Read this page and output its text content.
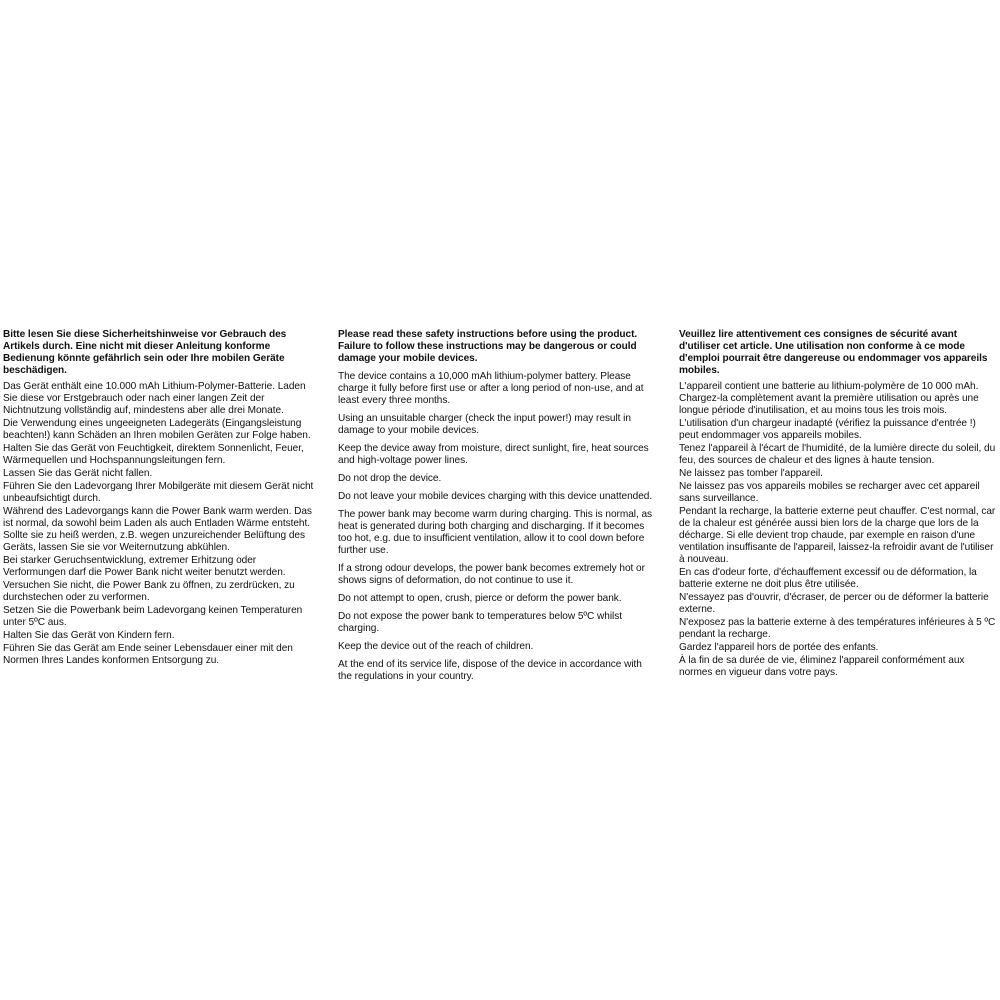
Bitte lesen Sie diese Sicherheitshinweise vor Gebrauch des Artikels durch. Eine nicht mit dieser Anleitung konforme Bedienung könnte gefährlich sein oder Ihre mobilen Geräte beschädigen.

Das Gerät enthält eine 10.000 mAh Lithium-Polymer-Batterie. Laden Sie diese vor Erstgebrauch oder nach einer langen Zeit der Nichtnutzung vollständig auf, mindestens aber alle drei Monate.

Die Verwendung eines ungeeigneten Ladegeräts (Eingangsleistung beachten!) kann Schäden an Ihren mobilen Geräten zur Folge haben.

Halten Sie das Gerät von Feuchtigkeit, direktem Sonnenlicht, Feuer, Wärmequellen und Hochspannungsleitungen fern.

Lassen Sie das Gerät nicht fallen.

Führen Sie den Ladevorgang Ihrer Mobilgeräte mit diesem Gerät nicht unbeaufsichtigt durch.

Während des Ladevorgangs kann die Power Bank warm werden. Das ist normal, da sowohl beim Laden als auch Entladen Wärme entsteht. Sollte sie zu heiß werden, z.B. wegen unzureichender Belüftung des Geräts, lassen Sie sie vor Weiternutzung abkühlen.

Bei starker Geruchsentwicklung, extremer Erhitzung oder Verformungen darf die Power Bank nicht weiter benutzt werden.

Versuchen Sie nicht, die Power Bank zu öffnen, zu zerdrücken, zu durchstechen oder zu verformen.

Setzen Sie die Powerbank beim Ladevorgang keinen Temperaturen unter 5ºC aus.

Halten Sie das Gerät von Kindern fern.

Führen Sie das Gerät am Ende seiner Lebensdauer einer mit den Normen Ihres Landes konformen Entsorgung zu.

Please read these safety instructions before using the product. Failure to follow these instructions may be dangerous or could damage your mobile devices.

The device contains a 10,000 mAh lithium-polymer battery. Please charge it fully before first use or after a long period of non-use, and at least every three months.

Using an unsuitable charger (check the input power!) may result in damage to your mobile devices.

Keep the device away from moisture, direct sunlight, fire, heat sources and high-voltage power lines.

Do not drop the device.

Do not leave your mobile devices charging with this device unattended.

The power bank may become warm during charging. This is normal, as heat is generated during both charging and discharging. If it becomes too hot, e.g. due to insufficient ventilation, allow it to cool down before further use.

If a strong odour develops, the power bank becomes extremely hot or shows signs of deformation, do not continue to use it.

Do not attempt to open, crush, pierce or deform the power bank.

Do not expose the power bank to temperatures below 5ºC whilst charging.

Keep the device out of the reach of children.

At the end of its service life, dispose of the device in accordance with the regulations in your country.

Veuillez lire attentivement ces consignes de sécurité avant d'utiliser cet article. Une utilisation non conforme à ce mode d'emploi pourrait être dangereuse ou endommager vos appareils mobiles.

L'appareil contient une batterie au lithium-polymère de 10 000 mAh. Chargez-la complètement avant la première utilisation ou après une longue période d'inutilisation, et au moins tous les trois mois.

L'utilisation d'un chargeur inadapté (vérifiez la puissance d'entrée !) peut endommager vos appareils mobiles.

Tenez l'appareil à l'écart de l'humidité, de la lumière directe du soleil, du feu, des sources de chaleur et des lignes à haute tension.

Ne laissez pas tomber l'appareil.

Ne laissez pas vos appareils mobiles se recharger avec cet appareil sans surveillance.

Pendant la recharge, la batterie externe peut chauffer. C'est normal, car de la chaleur est générée aussi bien lors de la charge que lors de la décharge. Si elle devient trop chaude, par exemple en raison d'une ventilation insuffisante de l'appareil, laissez-la refroidir avant de l'utiliser à nouveau.

En cas d'odeur forte, d'échauffement excessif ou de déformation, la batterie externe ne doit plus être utilisée.

N'essayez pas d'ouvrir, d'écraser, de percer ou de déformer la batterie externe.

N'exposez pas la batterie externe à des températures inférieures à 5 ºC pendant la recharge.

Gardez l'appareil hors de portée des enfants.

À la fin de sa durée de vie, éliminez l'appareil conformément aux normes en vigueur dans votre pays.
